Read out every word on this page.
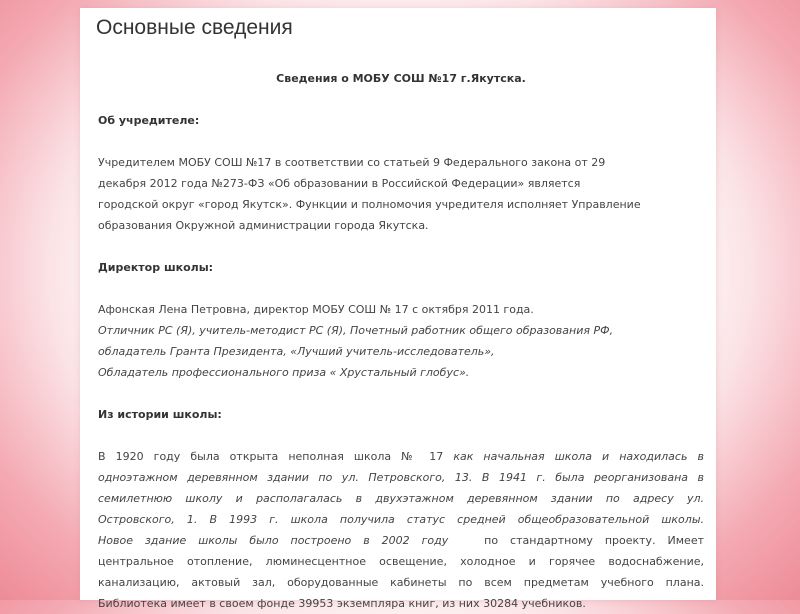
Основные сведения

Сведения о МОБУ СОШ №17 г.Якутска.

Об учредителе:

Учредителем МОБУ СОШ №17 в соответствии со статьей 9 Федерального закона от 29

декабря 2012 года №273-ФЗ «Об образовании в Российской Федерации» является

городской округ «город Якутск». Функции и полномочия учредителя исполняет Управление

образования Окружной администрации города Якутска.

Директор школы:

Афонская Лена Петровна, директор МОБУ СОШ № 17 с октября 2011 года.

Отличник РС (Я), учитель-методист РС (Я), Почетный работник общего образования РФ,

обладатель Гранта Президента, «Лучший учитель-исследователь»,

Обладатель профессионального приза « Хрустальный глобус».

Из истории школы:

В 1920 году была открыта неполная школа № 17 как начальная школа и находилась в

одноэтажном деревянном здании по ул. Петровского, 13. В 1941 г. была реорганизована в

семилетнюю школу и располагалась в двухэтажном деревянном здании по адресу ул.

Островского, 1. В 1993 г. школа получила статус средней общеобразовательной школы.

Новое здание школы было построено в 2002 году	по стандартному проекту. Имеет

центральное отопление, люминесцентное освещение, холодное и горячее водоснабжение,

канализацию, актовый зал, оборудованные кабинеты по всем предметам учебного плана.

Библиотека имеет в своем фонде 39953 экземпляра книг, из них 30284 учебников.
